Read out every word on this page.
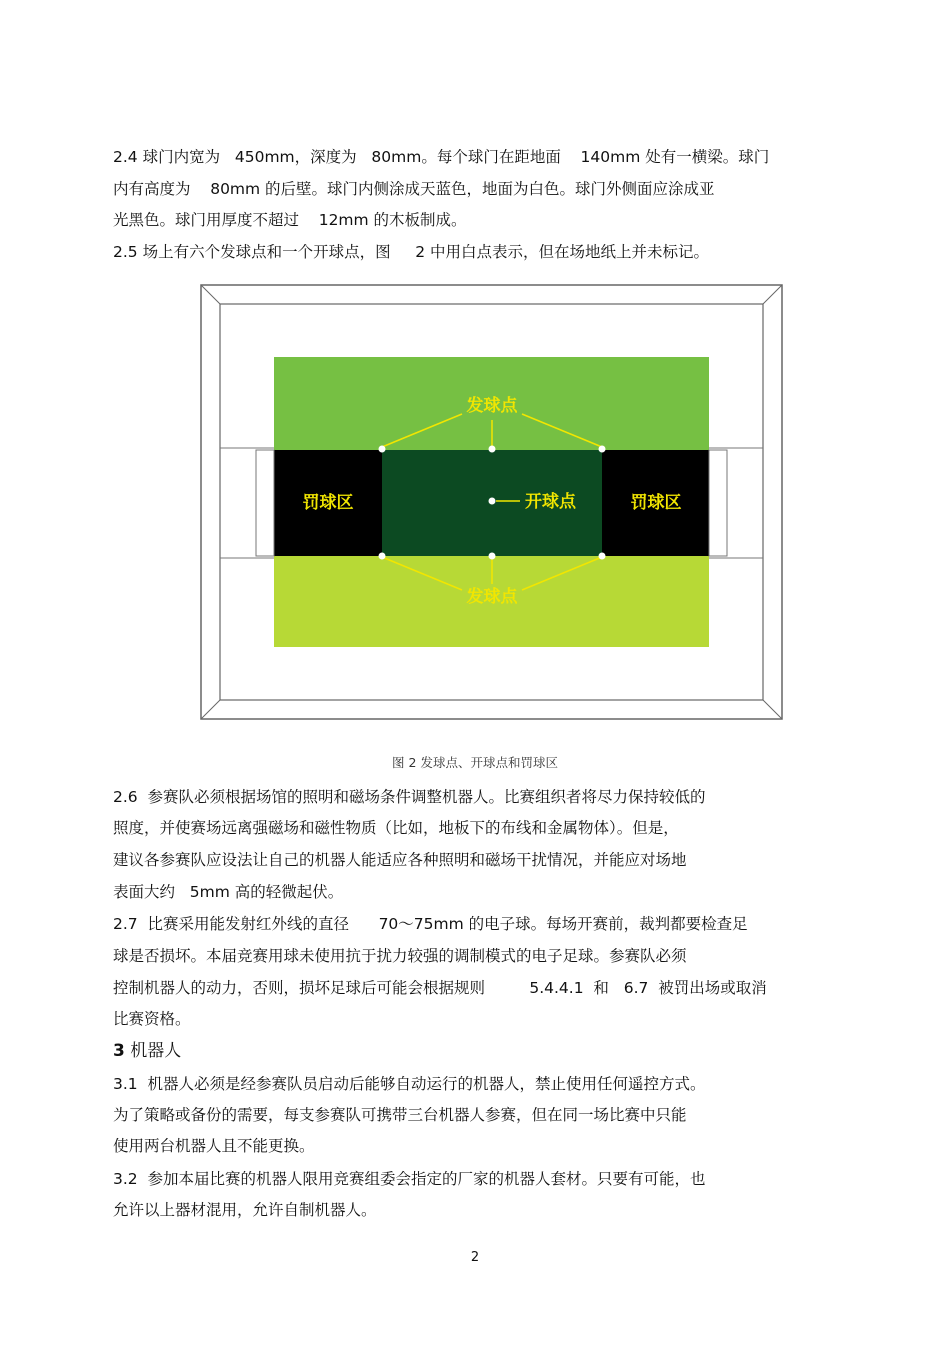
2.4 球门内宽为   450mm，深度为   80mm。每个球门在距地面    140mm 处有一横梁。球门
内有高度为    80mm 的后壁。球门内侧涂成天蓝色，地面为白色。球门外侧面应涂成亚
光黑色。球门用厚度不超过    12mm 的木板制成。
2.5 场上有六个发球点和一个开球点，图     2 中用白点表示，但在场地纸上并未标记。
发球点
发球点
开球点
罚球区	罚球区
图 2 发球点、开球点和罚球区
2.6  参赛队必须根据场馆的照明和磁场条件调整机器人。比赛组织者将尽力保持较低的
照度，并使赛场远离强磁场和磁性物质（比如，地板下的布线和金属物体）。但是，
建议各参赛队应设法让自己的机器人能适应各种照明和磁场干扰情况，并能应对场地
表面大约   5mm 高的轻微起伏。
2.7  比赛采用能发射红外线的直径      70～75mm 的电子球。每场开赛前，裁判都要检查足
球是否损坏。本届竞赛用球未使用抗于扰力较强的调制模式的电子足球。参赛队必须
控制机器人的动力，否则，损坏足球后可能会根据规则         5.4.4.1  和   6.7  被罚出场或取消
比赛资格。
3 机器人
3.1  机器人必须是经参赛队员启动后能够自动运行的机器人，禁止使用任何遥控方式。
为了策略或备份的需要，每支参赛队可携带三台机器人参赛，但在同一场比赛中只能
使用两台机器人且不能更换。
3.2  参加本届比赛的机器人限用竞赛组委会指定的厂家的机器人套材。只要有可能，也
允许以上器材混用，允许自制机器人。
2
